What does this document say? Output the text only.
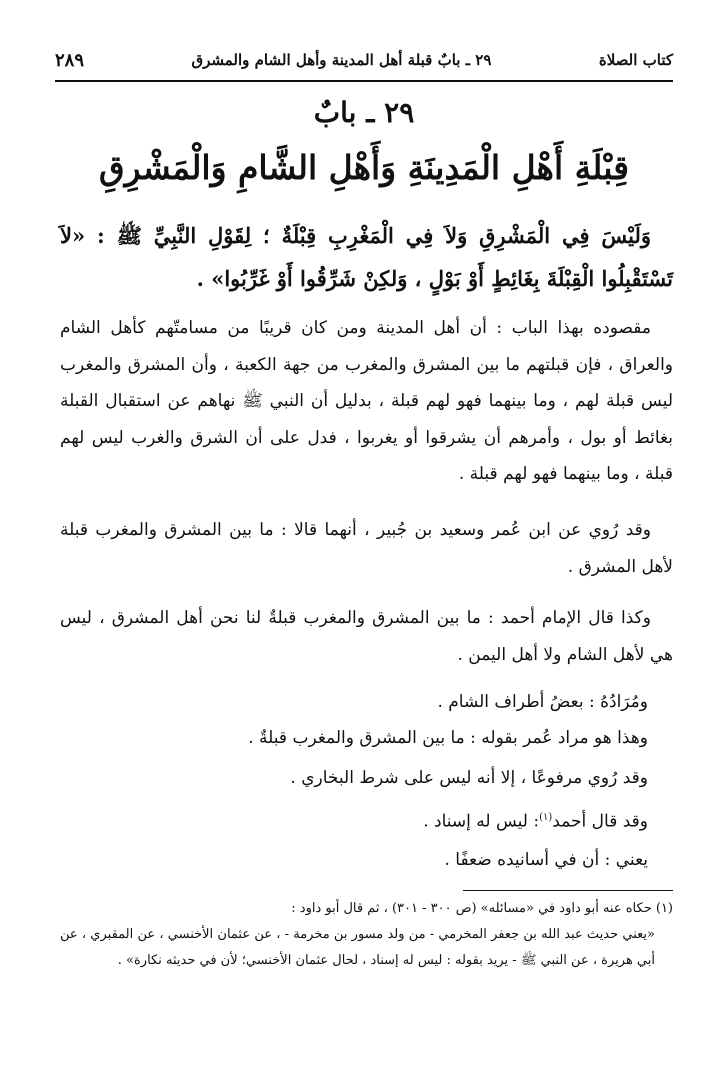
كتاب الصلاة
٢٩ ـ بابٌ قبلة أهل المدينة وأهل الشام والمشرق
٢٨٩
٢٩ ـ بابٌ
قِبْلَةِ أَهْلِ الْمَدِينَةِ وَأَهْلِ الشَّامِ وَالْمَشْرِقِ
وَلَيْسَ فِي الْمَشْرِقِ وَلاَ فِي الْمَغْرِبِ قِبْلَةٌ ؛ لِقَوْلِ النَّبِيِّ ﷺ : «لاَ تَسْتَقْبِلُوا الْقِبْلَةَ بِغَائِطٍ أَوْ بَوْلٍ ، وَلكِنْ شَرِّقُوا أَوْ غَرِّبُوا» .
مقصوده بهذا الباب : أن أهل المدينة ومن كان قريبًا من مسامتّهم كأهل الشام والعراق ، فإن قبلتهم ما بين المشرق والمغرب من جهة الكعبة ، وأن المشرق والمغرب ليس قبلة لهم ، وما بينهما فهو لهم قبلة ، بدليل أن النبي ﷺ نهاهم عن استقبال القبلة بغائط أو بول ، وأمرهم أن يشرقوا أو يغربوا ، فدل على أن الشرق والغرب ليس لهم قبلة ، وما بينهما فهو لهم قبلة .
وقد رُوي عن ابن عُمر وسعيد بن جُبير ، أنهما قالا : ما بين المشرق والمغرب قبلة لأهل المشرق .
وكذا قال الإمام أحمد : ما بين المشرق والمغرب قبلةٌ لنا نحن أهل المشرق ، ليس هي لأهل الشام ولا أهل اليمن .
ومُرَادُهُ : بعضُ أطراف الشام .
وهذا هو مراد عُمر بقوله : ما بين المشرق والمغرب قبلةٌ .
وقد رُوي مرفوعًا ، إلا أنه ليس على شرط البخاري .
وقد قال أحمد$^{(١)}$: ليس له إسناد .
يعني : أن في أسانيده ضعفًا .

(١) حكاه عنه أبو داود في «مسائله» (ص ٣٠٠ - ٣٠١) ، ثم قال أبو داود :

«يعني حديث عبد الله بن جعفر المخرمي - من ولد مسور بن مخرمة - ، عن عثمان الأخنسي ، عن المقبري ، عن أبي هريرة ، عن النبي ﷺ - يريد بقوله : ليس له إسناد ، لحال عثمان الأخنسي؛ لأن في حديثه نكارة» .
